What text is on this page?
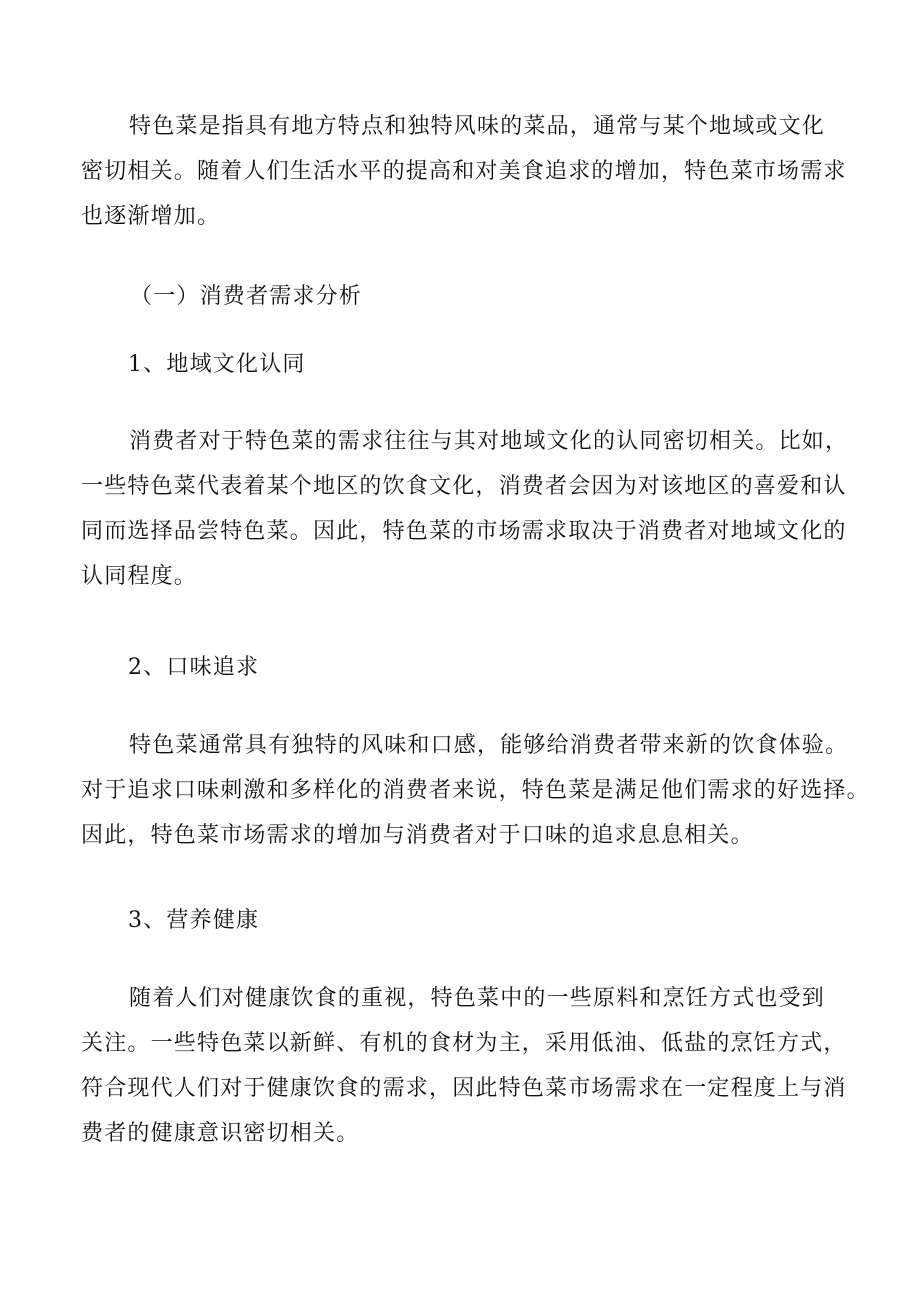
特色菜是指具有地方特点和独特风味的菜品，通常与某个地域或文化
密切相关。随着人们生活水平的提高和对美食追求的增加，特色菜市场需求
也逐渐增加。
（一）消费者需求分析
1、地域文化认同
消费者对于特色菜的需求往往与其对地域文化的认同密切相关。比如，
一些特色菜代表着某个地区的饮食文化，消费者会因为对该地区的喜爱和认
同而选择品尝特色菜。因此，特色菜的市场需求取决于消费者对地域文化的
认同程度。
2、口味追求
特色菜通常具有独特的风味和口感，能够给消费者带来新的饮食体验。
对于追求口味刺激和多样化的消费者来说，特色菜是满足他们需求的好选择。
因此，特色菜市场需求的增加与消费者对于口味的追求息息相关。
3、营养健康
随着人们对健康饮食的重视，特色菜中的一些原料和烹饪方式也受到
关注。一些特色菜以新鲜、有机的食材为主，采用低油、低盐的烹饪方式，
符合现代人们对于健康饮食的需求，因此特色菜市场需求在一定程度上与消
费者的健康意识密切相关。
